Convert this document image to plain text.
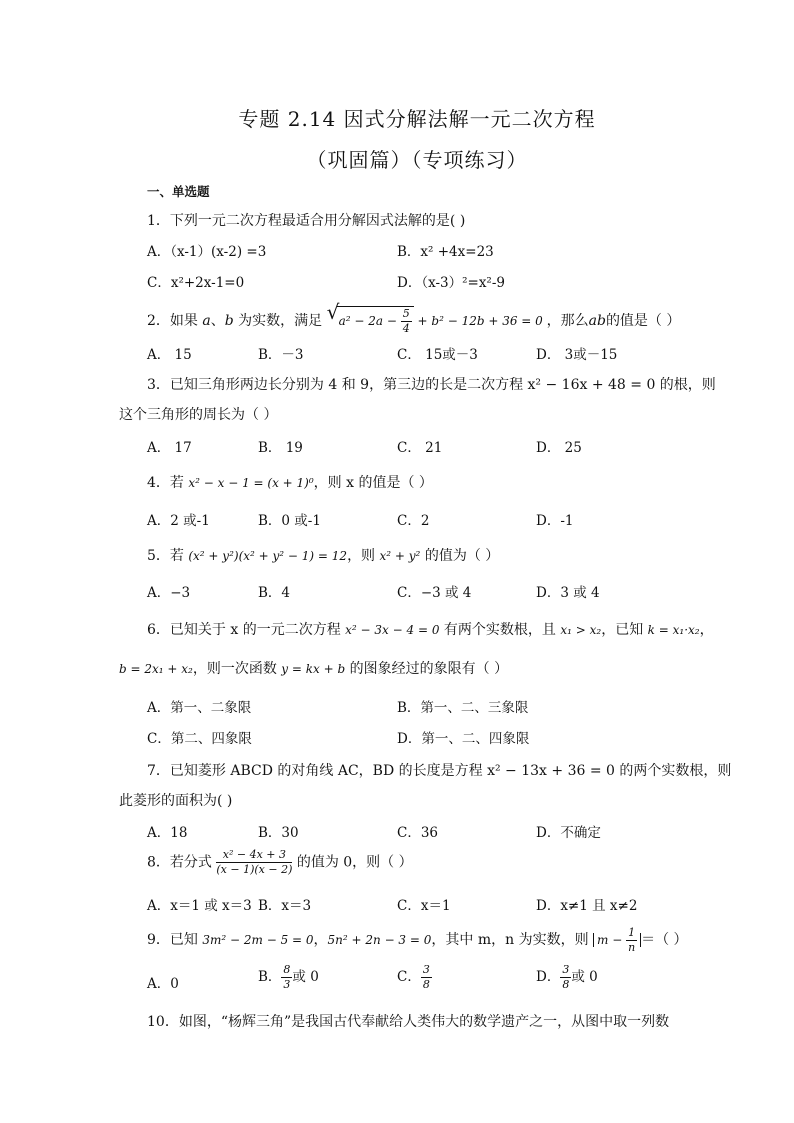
专题 2.14 因式分解法解一元二次方程
（巩固篇）（专项练习）
一、单选题
1．下列一元二次方程最适合用分解因式法解的是( )
A．（x-1）(x-2) =3	B．x² +4x=23
C．x²+2x-1=0	D．（x-3）²=x²-9
2．如果 a、b 为实数，满足 √ $a^2 - 2a - \frac{5}{4} + b^2 - 12b + 36 = 0$ ，那么ab的值是（ ）
A． 15	B．－3	C． 15或－3	D． 3或－15
3．已知三角形两边长分别为 4 和 9，第三边的长是二次方程 x² − 16x + 48 = 0 的根，则
这个三角形的周长为（ ）
A． 17	B． 19	C． 21	D． 25
4．若 x² − x − 1 = (x + 1)⁰，则 x 的值是（ ）
A．2 或-1	B．0 或-1	C．2	D．-1
5．若 (x² + y²)(x² + y² − 1) = 12，则 x² + y² 的值为（ ）
A．−3	B．4	C．−3 或 4	D．3 或 4
6．已知关于 x 的一元二次方程 x² − 3x − 4 = 0 有两个实数根，且 x₁ > x₂，已知 k = x₁·x₂，
b = 2x₁ + x₂，则一次函数 y = kx + b 的图象经过的象限有（ ）
A．第一、二象限	B．第一、二、三象限
C．第二、四象限	D．第一、二、四象限
7．已知菱形 ABCD 的对角线 AC，BD 的长度是方程 x² − 13x + 36 = 0 的两个实数根，则
此菱形的面积为( )
A．18	B．30	C．36	D．不确定
8．若分式 $\frac{\text{x² − 4x + 3}}{(x - 1)(x - 2)}$ 的值为 0，则（ ）
A．x＝1 或 x＝3 B．x＝3	C．x＝1	D．x≠1 且 x≠2
9．已知 3m² − 2m − 5 = 0，5n² + 2n − 3 = 0，其中 m，n 为实数，则 $m - \frac{1}{n}$ ＝（ ）
A．0	B． $\frac{8}{3}$ 或 0	C． $\frac{3}{8}$	D． $\frac{3}{8}$ 或 0
10．如图，“杨辉三角”是我国古代奉献给人类伟大的数学遗产之一，从图中取一列数
